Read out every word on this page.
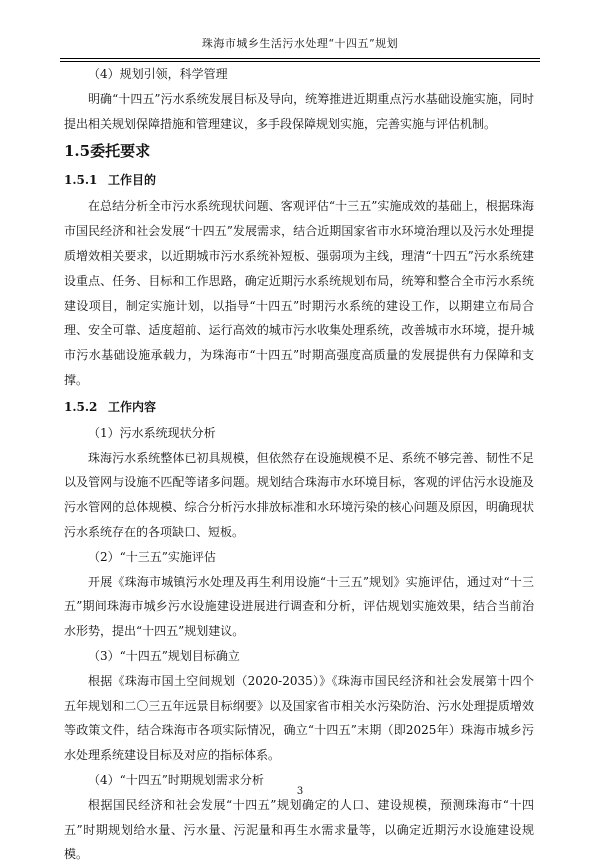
珠海市城乡生活污水处理“十四五”规划

（4）规划引领，科学管理

明确“十四五”污水系统发展目标及导向，统筹推进近期重点污水基础设施实施，同时提出相关规划保障措施和管理建议，多手段保障规划实施，完善实施与评估机制。

1.5委托要求
1.5.1 工作目的

在总结分析全市污水系统现状问题、客观评估“十三五”实施成效的基础上，根据珠海市国民经济和社会发展“十四五”发展需求，结合近期国家省市水环境治理以及污水处理提质增效相关要求，以近期城市污水系统补短板、强弱项为主线，理清“十四五”污水系统建设重点、任务、目标和工作思路，确定近期污水系统规划布局，统筹和整合全市污水系统建设项目，制定实施计划，以指导“十四五”时期污水系统的建设工作，以期建立布局合理、安全可靠、适度超前、运行高效的城市污水收集处理系统，改善城市水环境，提升城市污水基础设施承载力，为珠海市“十四五”时期高强度高质量的发展提供有力保障和支撑。

1.5.2 工作内容

（1）污水系统现状分析

珠海污水系统整体已初具规模，但依然存在设施规模不足、系统不够完善、韧性不足以及管网与设施不匹配等诸多问题。规划结合珠海市水环境目标，客观的评估污水设施及污水管网的总体规模、综合分析污水排放标准和水环境污染的核心问题及原因，明确现状污水系统存在的各项缺口、短板。

（2）“十三五”实施评估

开展《珠海市城镇污水处理及再生利用设施“十三五”规划》实施评估，通过对“十三五”期间珠海市城乡污水设施建设进展进行调查和分析，评估规划实施效果，结合当前治水形势，提出“十四五”规划建议。

（3）“十四五”规划目标确立

根据《珠海市国土空间规划（2020-2035）》《珠海市国民经济和社会发展第十四个五年规划和二〇三五年远景目标纲要》以及国家省市相关水污染防治、污水处理提质增效等政策文件，结合珠海市各项实际情况，确立“十四五”末期（即2025年）珠海市城乡污水处理系统建设目标及对应的指标体系。

（4）“十四五”时期规划需求分析

根据国民经济和社会发展“十四五”规划确定的人口、建设规模，预测珠海市“十四五”时期规划给水量、污水量、污泥量和再生水需求量等，以确定近期污水设施建设规模。

3
